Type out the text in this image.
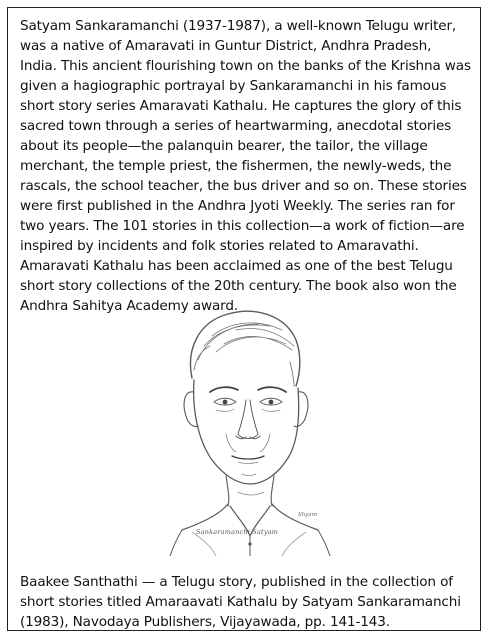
Satyam Sankaramanchi (1937-1987), a well-known Telugu writer, was a native of Amaravati in Guntur District, Andhra Pradesh, India. This ancient flourishing town on the banks of the Krishna was given a hagiographic portrayal by Sankaramanchi in his famous short story series Amaravati Kathalu. He captures the glory of this sacred town through a series of heartwarming, anecdotal stories about its people—the palanquin bearer, the tailor, the village merchant, the temple priest, the fishermen, the newly-weds, the rascals, the school teacher, the bus driver and so on. These stories were first published in the Andhra Jyoti Weekly. The series ran for two years. The 101 stories in this collection—a work of fiction—are inspired by incidents and folk stories related to Amaravathi. Amaravati Kathalu has been acclaimed as one of the best Telugu short story collections of the 20th century. The book also won the Andhra Sahitya Academy award.

Shyam
Sankaramanchi Satyam

Baakee Santhathi — a Telugu story, published in the collection of short stories titled Amaraavati Kathalu by Satyam Sankaramanchi (1983), Navodaya Publishers, Vijayawada, pp. 141-143.
